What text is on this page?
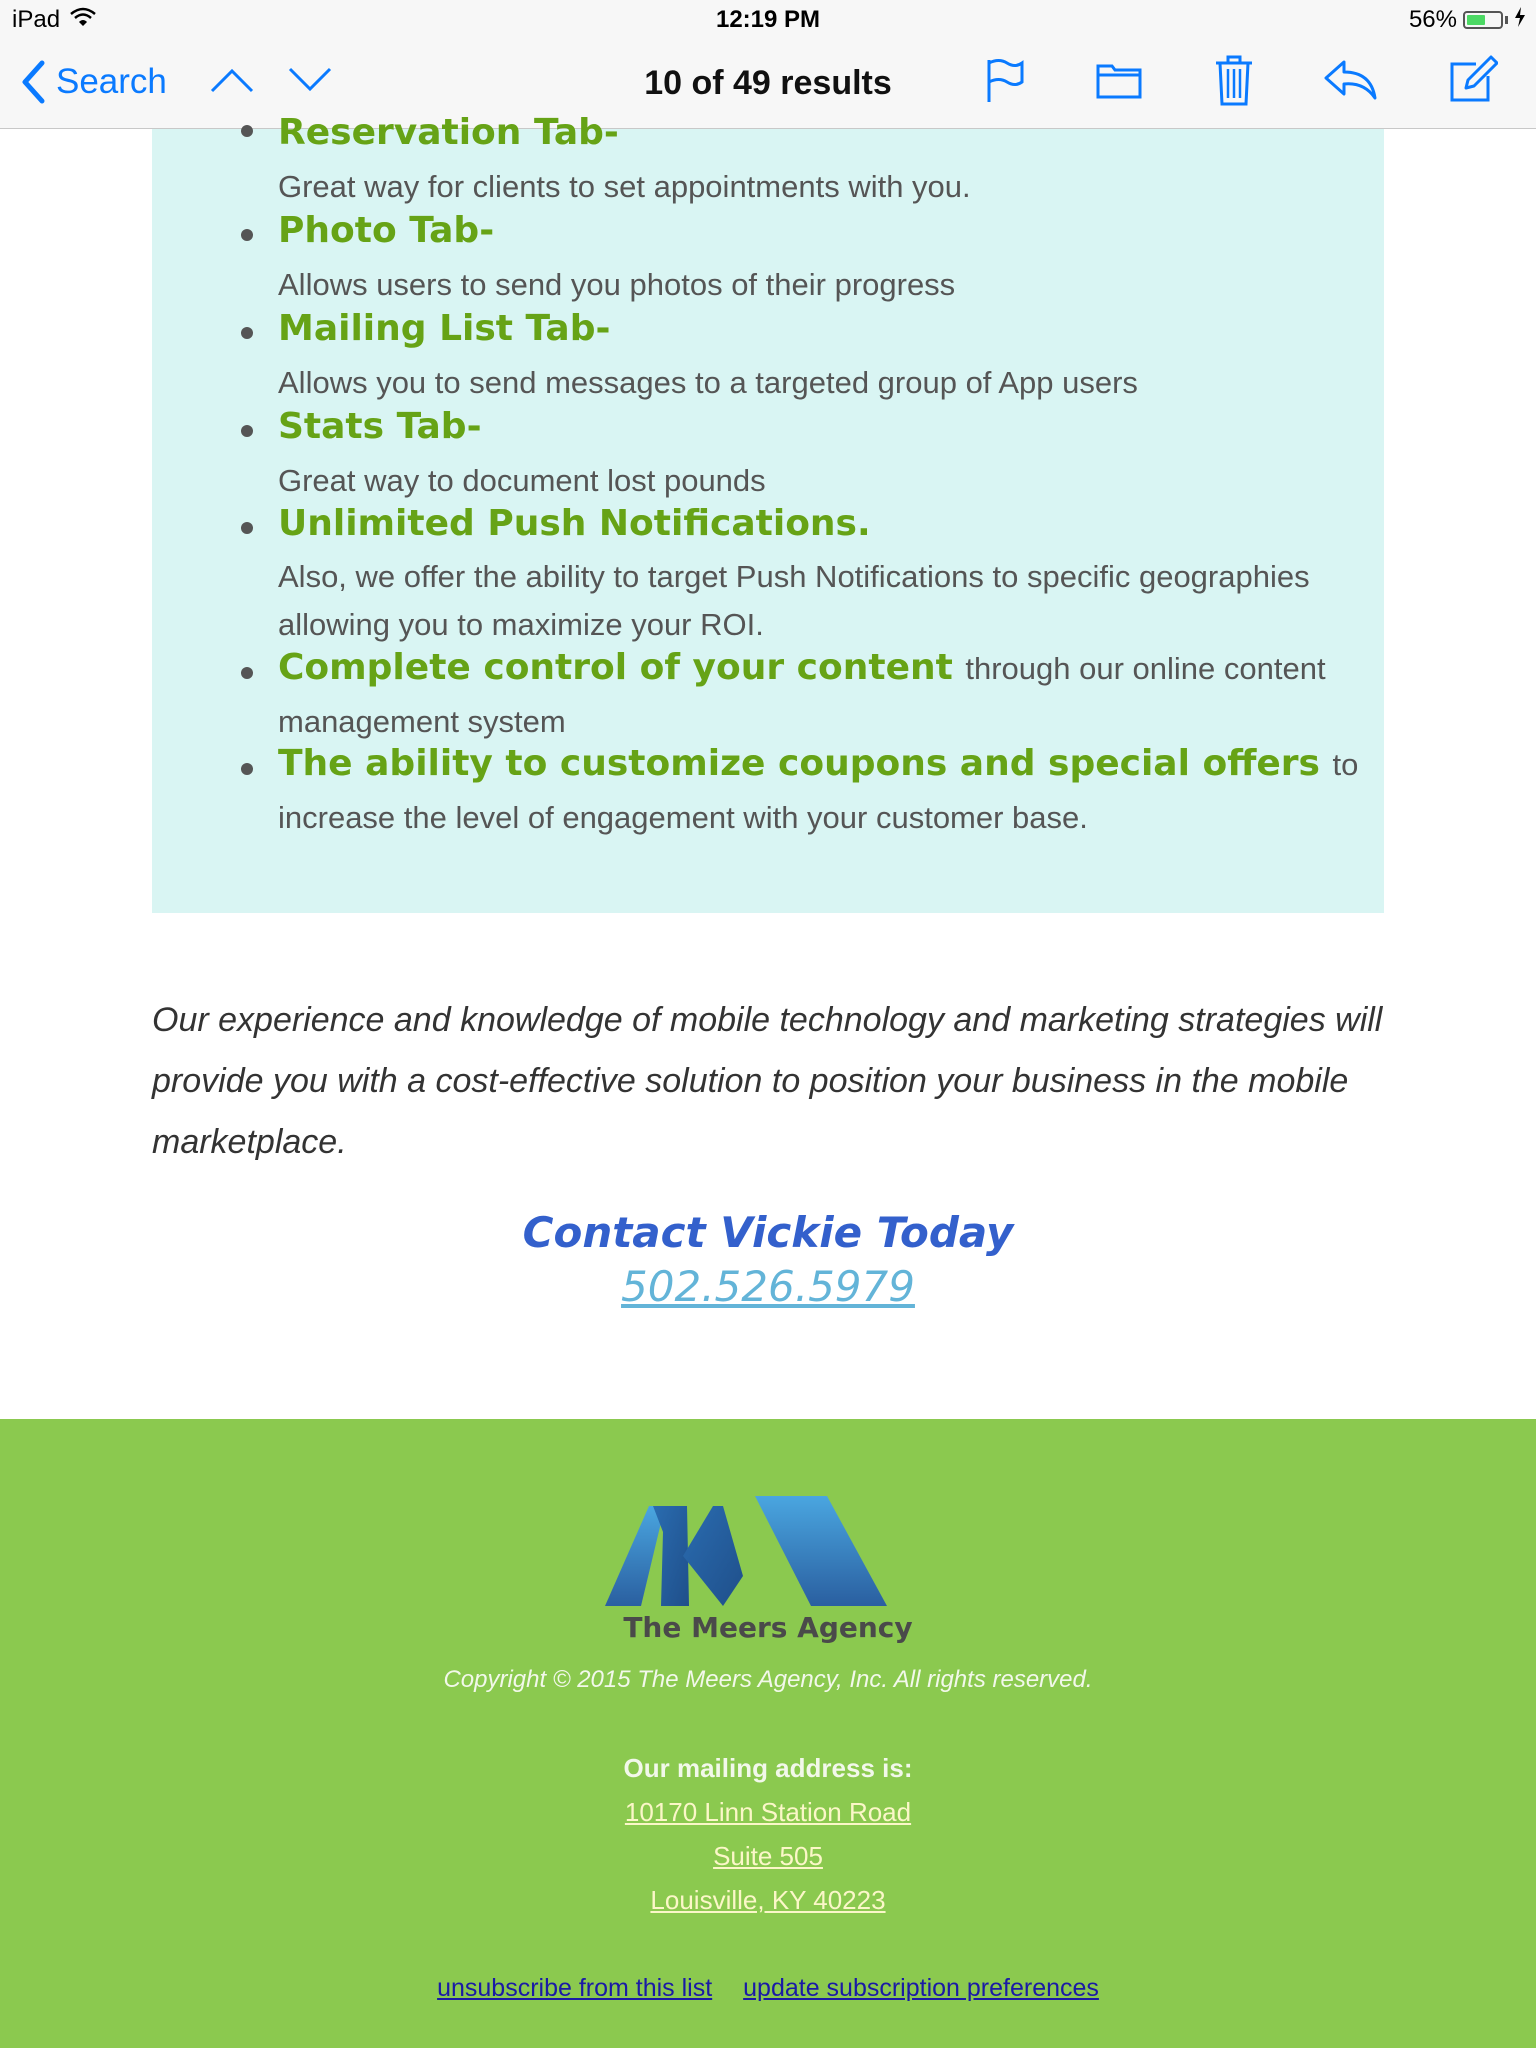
iPad	12:19 PM	56%
Search	10 of 49 results
Reservation Tab-
Great way for clients to set appointments with you.
Photo Tab-
Allows users to send you photos of their progress
Mailing List Tab-
Allows you to send messages to a targeted group of App users
Stats Tab-
Great way to document lost pounds
Unlimited Push Notifications.
Also, we offer the ability to target Push Notifications to specific geographies allowing you to maximize your ROI.
Complete control of your content through our online content
management system
The ability to customize coupons and special offers to
increase the level of engagement with your customer base.
Our experience and knowledge of mobile technology and marketing strategies will provide you with a cost-effective solution to position your business in the mobile marketplace.
Contact Vickie Today
502.526.5979
The Meers Agency
Copyright © 2015 The Meers Agency, Inc. All rights reserved.
Our mailing address is:
10170 Linn Station Road
Suite 505
Louisville, KY 40223
unsubscribe from this list update subscription preferences
